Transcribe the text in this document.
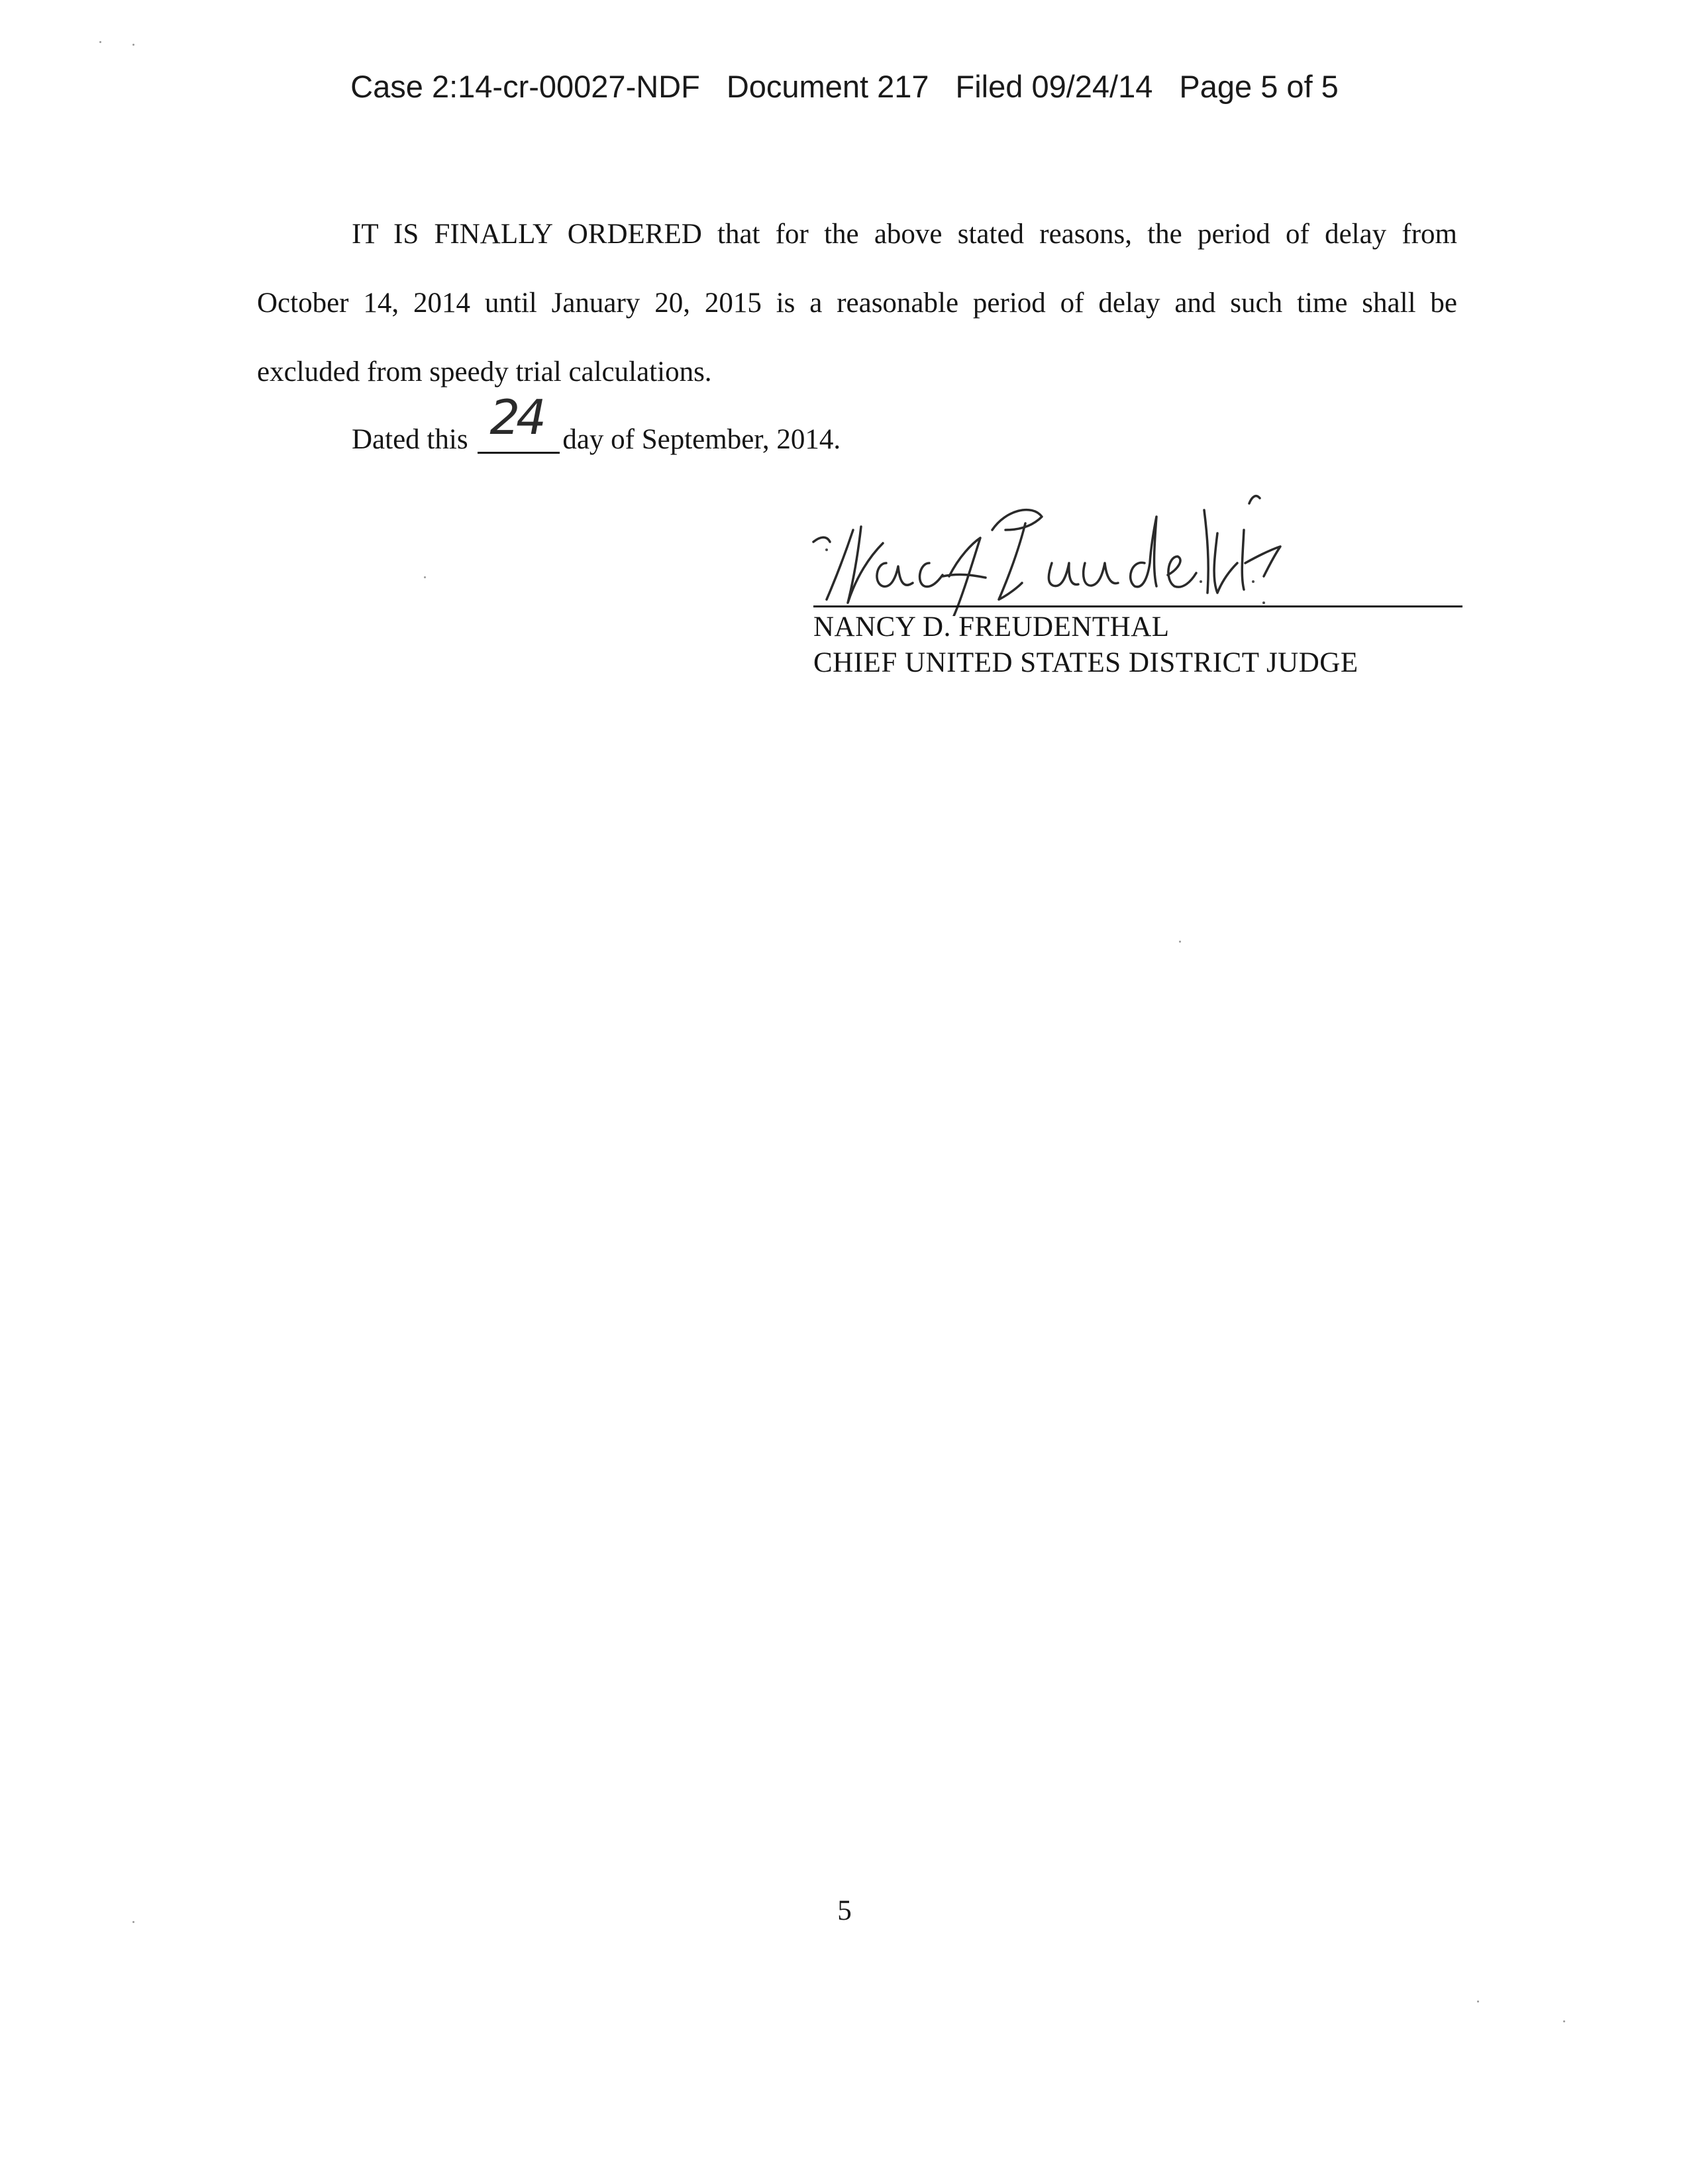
Case 2:14-cr-00027-NDF Document 217 Filed 09/24/14 Page 5 of 5
IT IS FINALLY ORDERED that for the above stated reasons, the period of delay from
October 14, 2014 until January 20, 2015 is a reasonable period of delay and such time shall be
excluded from speedy trial calculations.
Dated this 24 day of September, 2014.
NANCY D. FREUDENTHAL
CHIEF UNITED STATES DISTRICT JUDGE
5
